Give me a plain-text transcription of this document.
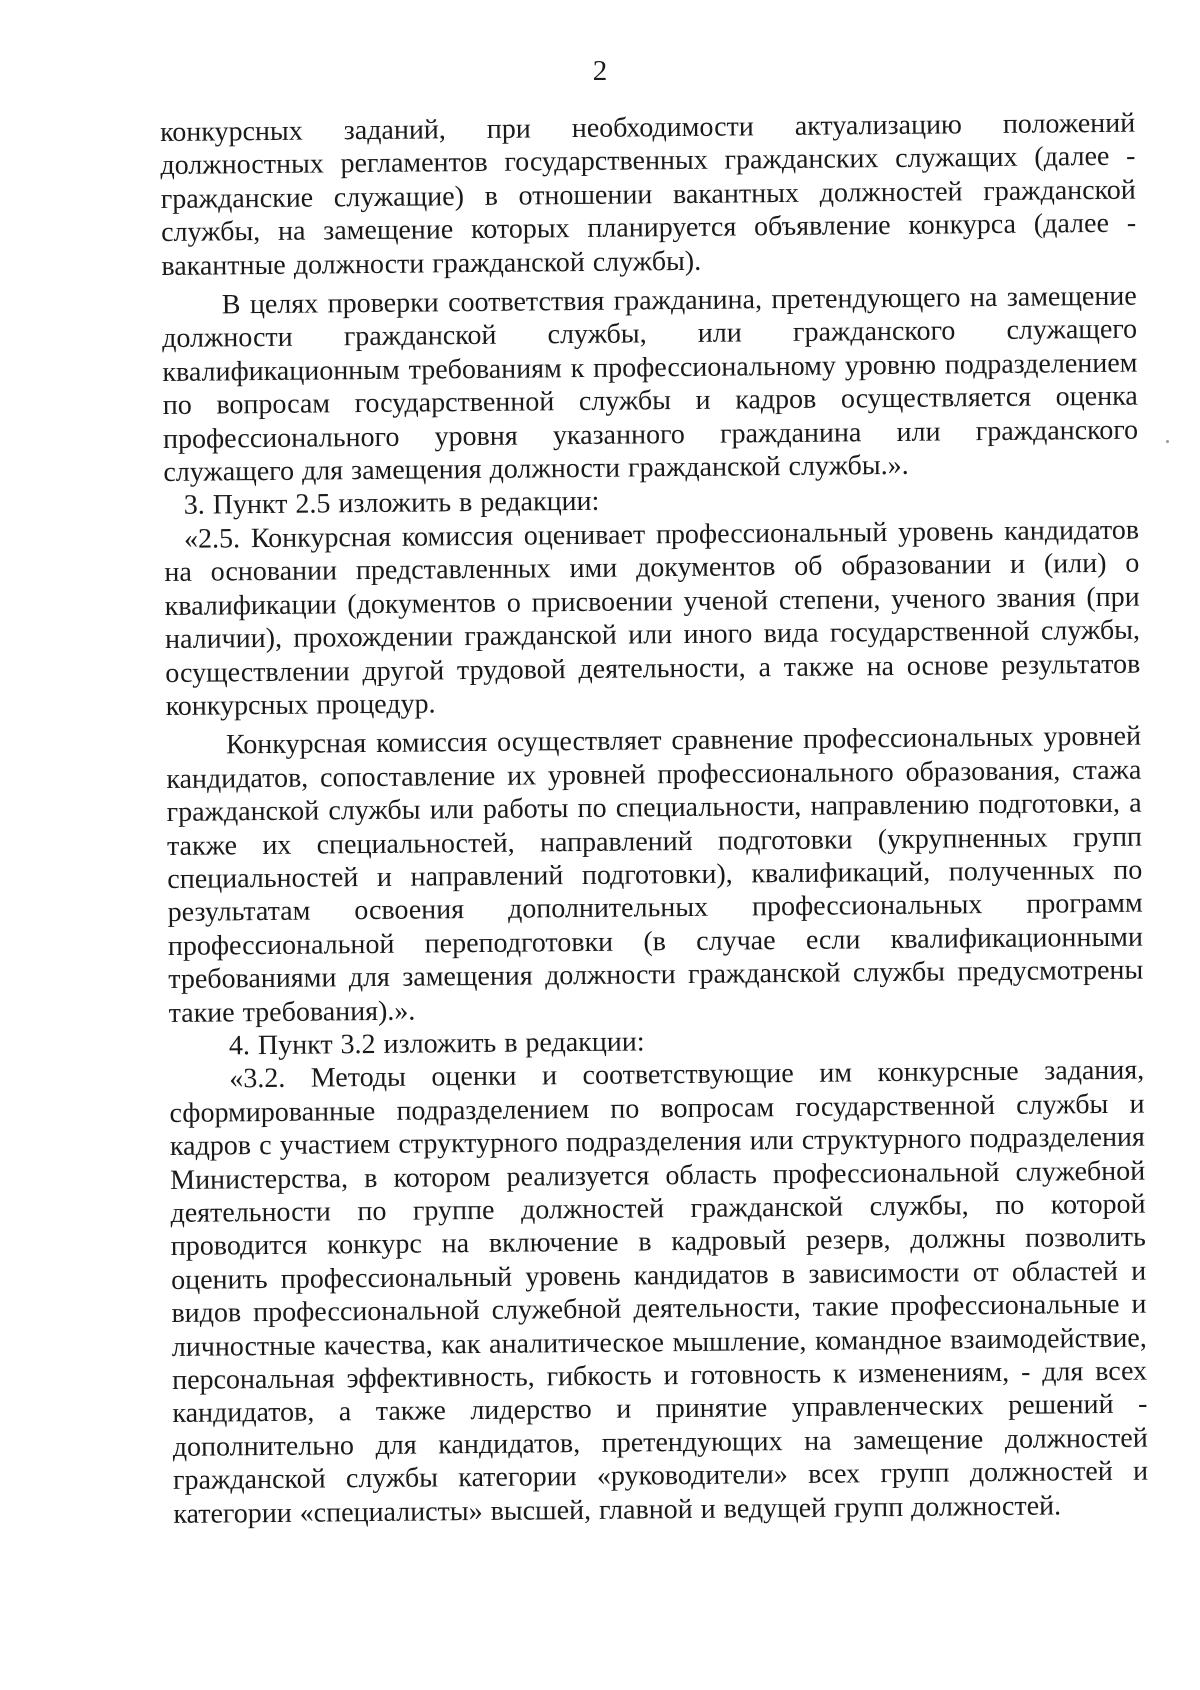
2

конкурсных заданий, при необходимости актуализацию положений должностных регламентов государственных гражданских служащих (далее - гражданские служащие) в отношении вакантных должностей гражданской службы, на замещение которых планируется объявление конкурса (далее - вакантные должности гражданской службы).

В целях проверки соответствия гражданина, претендующего на замещение должности гражданской службы, или гражданского служащего квалификационным требованиям к профессиональному уровню подразделением по вопросам государственной службы и кадров осуществляется оценка профессионального уровня указанного гражданина или гражданского служащего для замещения должности гражданской службы.».

3. Пункт 2.5 изложить в редакции:

«2.5. Конкурсная комиссия оценивает профессиональный уровень кандидатов на основании представленных ими документов об образовании и (или) о квалификации (документов о присвоении ученой степени, ученого звания (при наличии), прохождении гражданской или иного вида государственной службы, осуществлении другой трудовой деятельности, а также на основе результатов конкурсных процедур.

Конкурсная комиссия осуществляет сравнение профессиональных уровней кандидатов, сопоставление их уровней профессионального образования, стажа гражданской службы или работы по специальности, направлению подготовки, а также их специальностей, направлений подготовки (укрупненных групп специальностей и направлений подготовки), квалификаций, полученных по результатам освоения дополнительных профессиональных программ профессиональной переподготовки (в случае если квалификационными требованиями для замещения должности гражданской службы предусмотрены такие требования).».

4. Пункт 3.2 изложить в редакции:

«3.2. Методы оценки и соответствующие им конкурсные задания, сформированные подразделением по вопросам государственной службы и кадров с участием структурного подразделения или структурного подразделения Министерства, в котором реализуется область профессиональной служебной деятельности по группе должностей гражданской службы, по которой проводится конкурс на включение в кадровый резерв, должны позволить оценить профессиональный уровень кандидатов в зависимости от областей и видов профессиональной служебной деятельности, такие профессиональные и личностные качества, как аналитическое мышление, командное взаимодействие, персональная эффективность, гибкость и готовность к изменениям, - для всех кандидатов, а также лидерство и принятие управленческих решений - дополнительно для кандидатов, претендующих на замещение должностей гражданской службы категории «руководители» всех групп должностей и категории «специалисты» высшей, главной и ведущей групп должностей.
